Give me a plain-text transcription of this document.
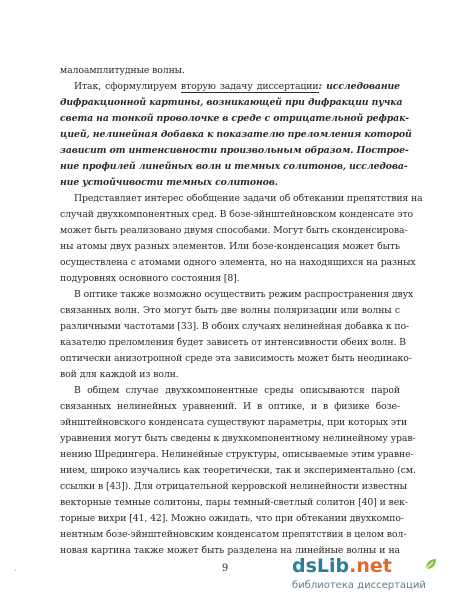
малоамплитудные волны.
Итак, сформулируем вторую задачу диссертации: исследование
дифракционной картины, возникающей при дифракции пучка
света на тонкой проволочке в среде с отрицательной рефрак-
цией, нелинейная добавка к показателю преломления которой
зависит от интенсивности произвольным образом. Построе-
ние профилей линейных волн и темных солитонов, исследова-
ние устойчивости темных солитонов.
Представляет интерес обобщение задачи об обтекании препятствия на
случай двухкомпонентных сред. В бозе-эйнштейновском конденсате это
может быть реализовано двумя способами. Могут быть сконденсирова-
ны атомы двух разных элементов. Или бозе-конденсация может быть
осуществлена с атомами одного элемента, но на находящихся на разных
подуровнях основного состояния [8].
В оптике также возможно осуществить режим распространения двух
связанных волн. Это могут быть две волны поляризации или волны с
различными частотами [33]. В обоих случаях нелинейная добавка к по-
казателю преломления будет зависеть от интенсивности обеих волн. В
оптически анизотропной среде эта зависимость может быть неодинако-
вой для каждой из волн.
В общем случае двухкомпонентные среды описываются парой
связанных нелинейных уравнений. И в оптике, и в физике бозе-
эйнштейновского конденсата существуют параметры, при которых эти
уравнения могут быть сведены к двухкомпонентному нелинейному урав-
нению Шредингера. Нелинейные структуры, описываемые этим уравне-
нием, широко изучались как теоретически, так и экспериментально (см.
ссылки в [43]). Для отрицательной керровской нелинейности известны
векторные темные солитоны, пары темный-светлый солитон [40] и век-
торные вихри [41, 42]. Можно ожидать, что при обтекании двухкомпо-
нентным бозе-эйнштейновским конденсатом препятствия в целом вол-
·	9	dsLib.net
библиотека диссертаций
новая картина также может быть разделена на линейные волны и на
